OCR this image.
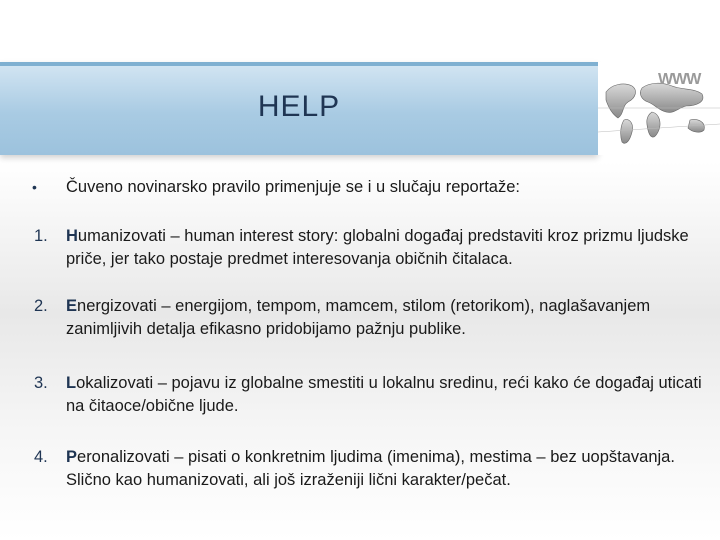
HELP
WWW
• Čuveno novinarsko pravilo primenjuje se i u slučaju reportaže:
1. Humanizovati – human interest story: globalni događaj predstaviti kroz prizmu ljudske priče, jer tako postaje predmet interesovanja običnih čitalaca.
2. Energizovati – energijom, tempom, mamcem, stilom (retorikom), naglašavanjem zanimljivih detalja efikasno pridobijamo pažnju publike.
3. Lokalizovati – pojavu iz globalne smestiti u lokalnu sredinu, reći kako će događaj uticati na čitaoce/obične ljude.
4. Peronalizovati – pisati o konkretnim ljudima (imenima), mestima – bez uopštavanja. Slično kao humanizovati, ali još izraženiji lični karakter/pečat.
